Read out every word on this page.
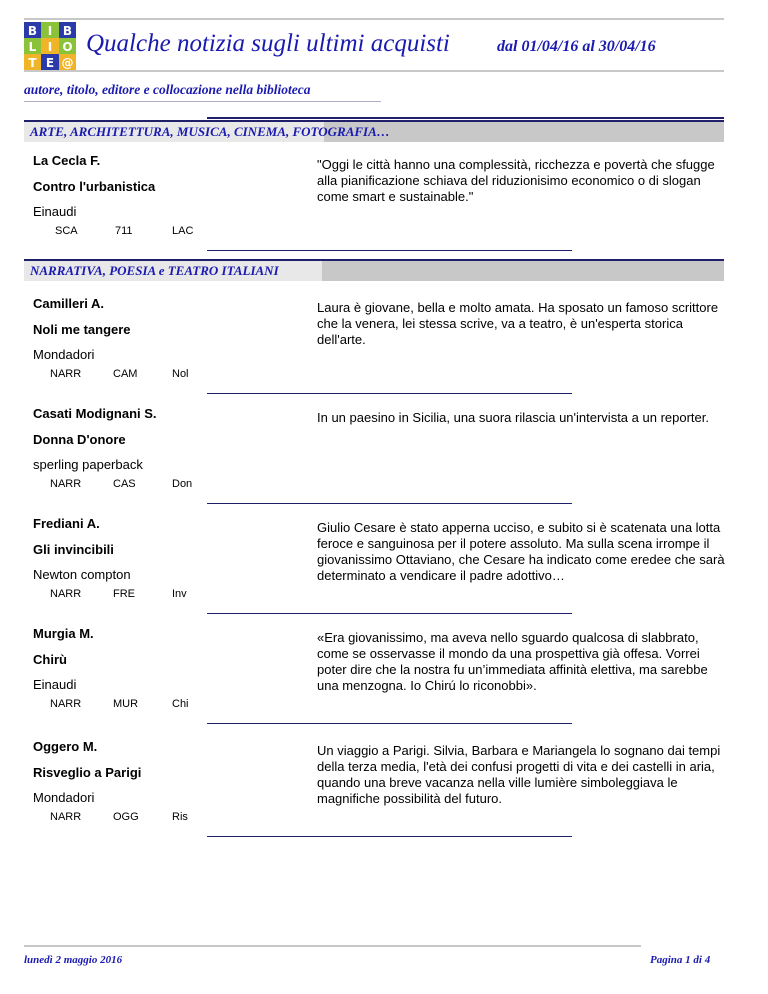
B I B
L I O
T E @
Qualche notizia sugli ultimi acquisti	dal 01/04/16 al 30/04/16
autore, titolo, editore e collocazione nella biblioteca
ARTE, ARCHITETTURA, MUSICA, CINEMA, FOTOGRAFIA…
La Cecla F.
Contro l'urbanistica
Einaudi
SCA	711	LAC
"Oggi le città hanno una complessità, ricchezza e povertà che sfugge alla pianificazione schiava del riduzionisimo economico o di slogan come smart e sustainable."
NARRATIVA, POESIA e TEATRO ITALIANI
Camilleri A.
Noli me tangere
Mondadori
NARR	CAM	Nol
Laura è giovane, bella e molto amata. Ha sposato un famoso scrittore che la venera, lei stessa scrive, va a teatro, è un'esperta storica dell'arte.
Casati Modignani S.
Donna D'onore
sperling paperback
NARR	CAS	Don
In un paesino in Sicilia, una suora rilascia un'intervista a un reporter.
Frediani A.
Gli invincibili
Newton compton
NARR	FRE	Inv
Giulio Cesare è stato apperna ucciso, e subito si è scatenata una lotta feroce e sanguinosa per il potere assoluto. Ma sulla scena irrompe il giovanissimo Ottaviano, che Cesare ha indicato come eredee che sarà determinato a vendicare il padre adottivo…
Murgia M.
Chirù
Einaudi
NARR	MUR	Chi
«Era giovanissimo, ma aveva nello sguardo qualcosa di slabbrato, come se osservasse il mondo da una prospettiva già offesa. Vorrei poter dire che la nostra fu un’immediata affinità elettiva, ma sarebbe una menzogna. Io Chirú lo riconobbi».
Oggero M.
Risveglio a Parigi
Mondadori
NARR	OGG	Ris
Un viaggio a Parigi. Silvia, Barbara e Mariangela lo sognano dai tempi della terza media, l'età dei confusi progetti di vita e dei castelli in aria, quando una breve vacanza nella ville lumière simboleggiava le magnifiche possibilità del futuro.
lunedì 2 maggio 2016	Pagina 1 di 4
